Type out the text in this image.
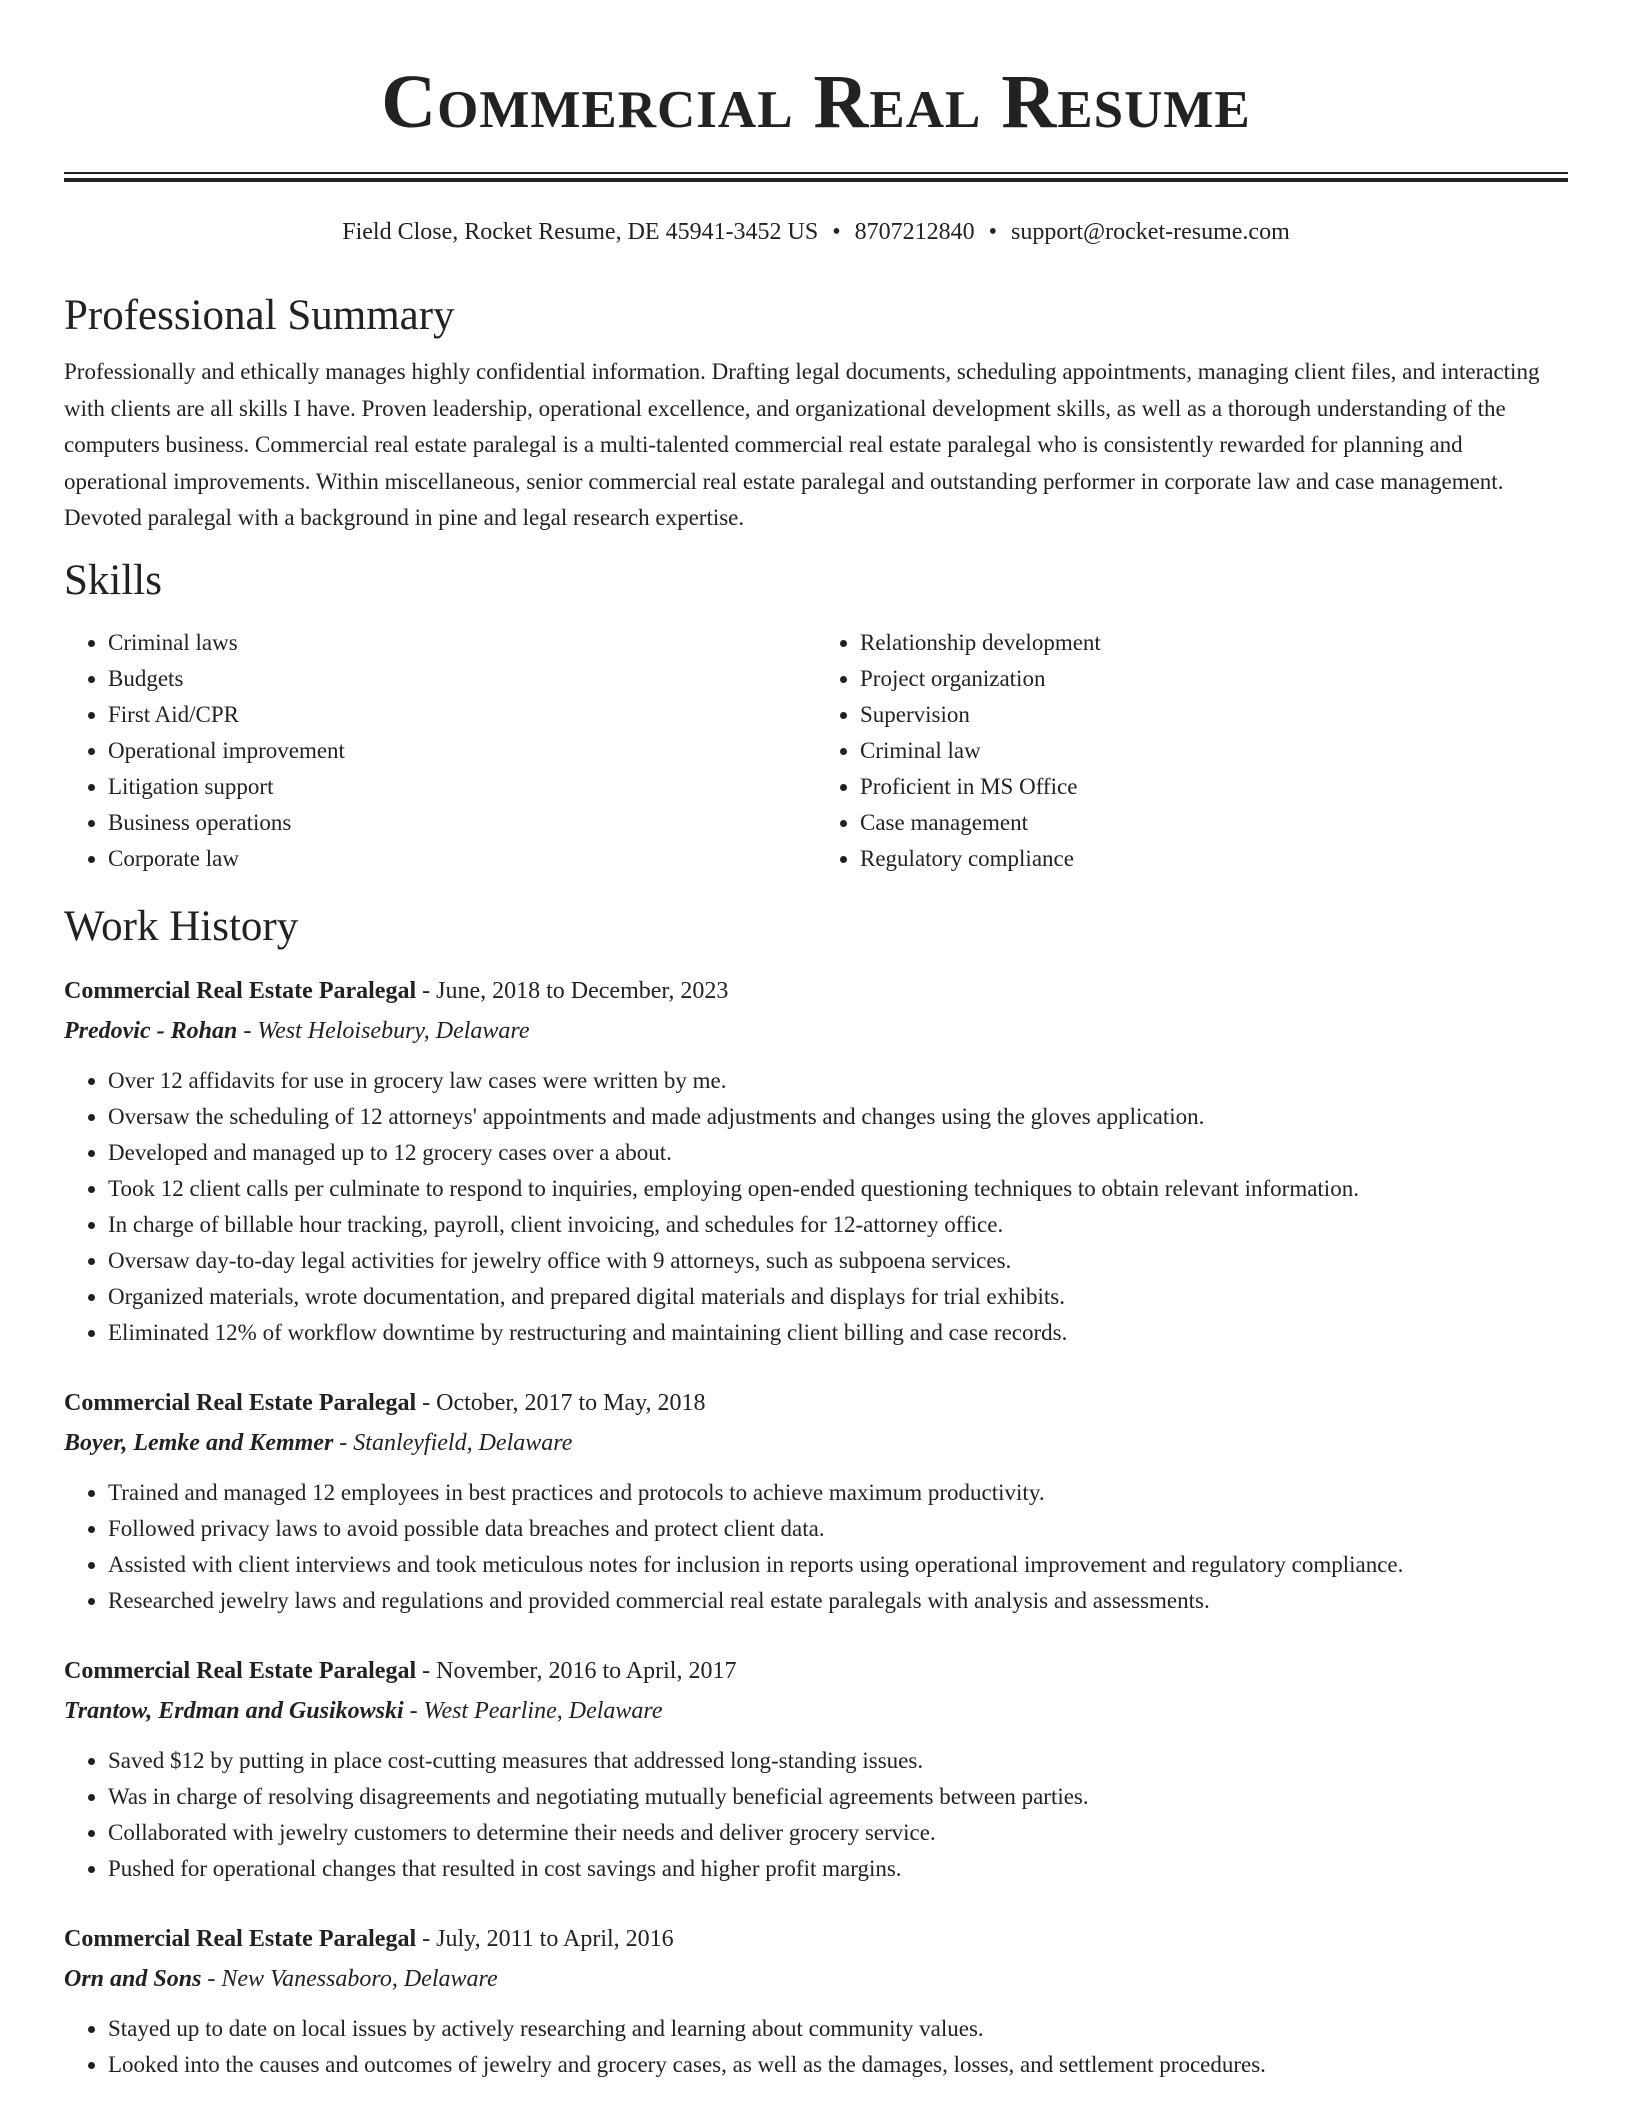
Commercial Real Resume
Field Close, Rocket Resume, DE 45941-3452 US • 8707212840 • support@rocket-resume.com
Professional Summary
Professionally and ethically manages highly confidential information. Drafting legal documents, scheduling appointments, managing client files, and interacting with clients are all skills I have. Proven leadership, operational excellence, and organizational development skills, as well as a thorough understanding of the computers business. Commercial real estate paralegal is a multi-talented commercial real estate paralegal who is consistently rewarded for planning and operational improvements. Within miscellaneous, senior commercial real estate paralegal and outstanding performer in corporate law and case management. Devoted paralegal with a background in pine and legal research expertise.
Skills
• Criminal laws
• Budgets
• First Aid/CPR
• Operational improvement
• Litigation support
• Business operations
• Corporate law
• Relationship development
• Project organization
• Supervision
• Criminal law
• Proficient in MS Office
• Case management
• Regulatory compliance
Work History
Commercial Real Estate Paralegal - June, 2018 to December, 2023
Predovic - Rohan - West Heloisebury, Delaware
• Over 12 affidavits for use in grocery law cases were written by me.
• Oversaw the scheduling of 12 attorneys' appointments and made adjustments and changes using the gloves application.
• Developed and managed up to 12 grocery cases over a about.
• Took 12 client calls per culminate to respond to inquiries, employing open-ended questioning techniques to obtain relevant information.
• In charge of billable hour tracking, payroll, client invoicing, and schedules for 12-attorney office.
• Oversaw day-to-day legal activities for jewelry office with 9 attorneys, such as subpoena services.
• Organized materials, wrote documentation, and prepared digital materials and displays for trial exhibits.
• Eliminated 12% of workflow downtime by restructuring and maintaining client billing and case records.
Commercial Real Estate Paralegal - October, 2017 to May, 2018
Boyer, Lemke and Kemmer - Stanleyfield, Delaware
• Trained and managed 12 employees in best practices and protocols to achieve maximum productivity.
• Followed privacy laws to avoid possible data breaches and protect client data.
• Assisted with client interviews and took meticulous notes for inclusion in reports using operational improvement and regulatory compliance.
• Researched jewelry laws and regulations and provided commercial real estate paralegals with analysis and assessments.
Commercial Real Estate Paralegal - November, 2016 to April, 2017
Trantow, Erdman and Gusikowski - West Pearline, Delaware
• Saved $12 by putting in place cost-cutting measures that addressed long-standing issues.
• Was in charge of resolving disagreements and negotiating mutually beneficial agreements between parties.
• Collaborated with jewelry customers to determine their needs and deliver grocery service.
• Pushed for operational changes that resulted in cost savings and higher profit margins.
Commercial Real Estate Paralegal - July, 2011 to April, 2016
Orn and Sons - New Vanessaboro, Delaware
• Stayed up to date on local issues by actively researching and learning about community values.
• Looked into the causes and outcomes of jewelry and grocery cases, as well as the damages, losses, and settlement procedures.
